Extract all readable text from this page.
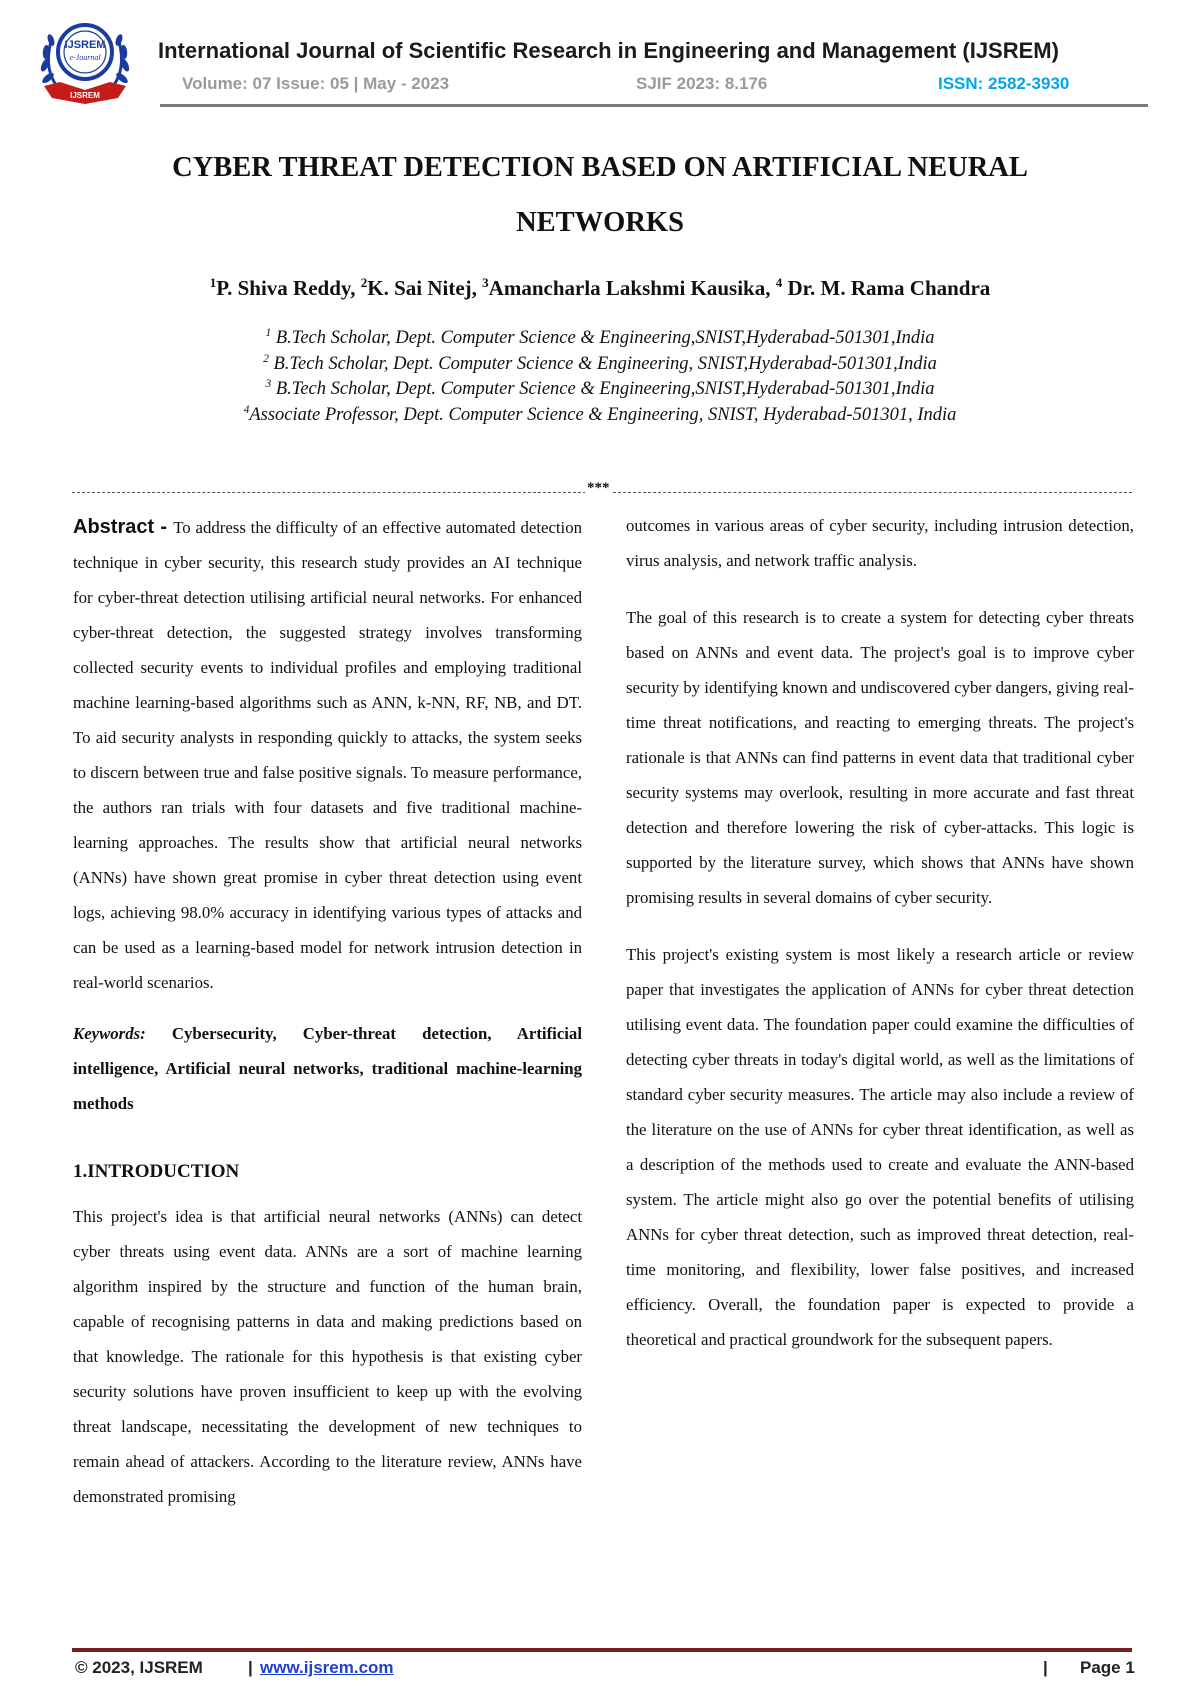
IJSREM
e-Journal
IJSREM
International Journal of Scientific Research in Engineering and Management (IJSREM)
Volume: 07 Issue: 05 | May - 2023	SJIF 2023: 8.176	ISSN: 2582-3930
CYBER THREAT DETECTION BASED ON ARTIFICIAL NEURAL
NETWORKS
$^1$P. Shiva Reddy, $^2$K. Sai Nitej, $^3$Amancharla Lakshmi Kausika, $^4$ Dr. M. Rama Chandra
$^1$ B.Tech Scholar, Dept. Computer Science & Engineering,SNIST,Hyderabad-501301,India
$^2$ B.Tech Scholar, Dept. Computer Science & Engineering, SNIST,Hyderabad-501301,India
$^3$ B.Tech Scholar, Dept. Computer Science & Engineering,SNIST,Hyderabad-501301,India
$^4$Associate Professor, Dept. Computer Science & Engineering, SNIST, Hyderabad-501301, India
***

Abstract - To address the difficulty of an effective automated detection technique in cyber security, this research study provides an AI technique for cyber-threat detection utilising artificial neural networks. For enhanced cyber-threat detection, the suggested strategy involves transforming collected security events to individual profiles and employing traditional machine learning-based algorithms such as ANN, k-NN, RF, NB, and DT. To aid security analysts in responding quickly to attacks, the system seeks to discern between true and false positive signals. To measure performance, the authors ran trials with four datasets and five traditional machine-learning approaches. The results show that artificial neural networks (ANNs) have shown great promise in cyber threat detection using event logs, achieving 98.0% accuracy in identifying various types of attacks and can be used as a learning-based model for network intrusion detection in real-world scenarios.

Keywords: Cybersecurity, Cyber-threat detection, Artificial intelligence, Artificial neural networks, traditional machine-learning methods

1.INTRODUCTION

This project's idea is that artificial neural networks (ANNs) can detect cyber threats using event data. ANNs are a sort of machine learning algorithm inspired by the structure and function of the human brain, capable of recognising patterns in data and making predictions based on that knowledge. The rationale for this hypothesis is that existing cyber security solutions have proven insufficient to keep up with the evolving threat landscape, necessitating the development of new techniques to remain ahead of attackers. According to the literature review, ANNs have demonstrated promising

outcomes in various areas of cyber security, including intrusion detection, virus analysis, and network traffic analysis.

The goal of this research is to create a system for detecting cyber threats based on ANNs and event data. The project's goal is to improve cyber security by identifying known and undiscovered cyber dangers, giving real-time threat notifications, and reacting to emerging threats. The project's rationale is that ANNs can find patterns in event data that traditional cyber security systems may overlook, resulting in more accurate and fast threat detection and therefore lowering the risk of cyber-attacks. This logic is supported by the literature survey, which shows that ANNs have shown promising results in several domains of cyber security.

This project's existing system is most likely a research article or review paper that investigates the application of ANNs for cyber threat detection utilising event data. The foundation paper could examine the difficulties of detecting cyber threats in today's digital world, as well as the limitations of standard cyber security measures. The article may also include a review of the literature on the use of ANNs for cyber threat identification, as well as a description of the methods used to create and evaluate the ANN-based system. The article might also go over the potential benefits of utilising ANNs for cyber threat detection, such as improved threat detection, real-time monitoring, and flexibility, lower false positives, and increased efficiency. Overall, the foundation paper is expected to provide a theoretical and practical groundwork for the subsequent papers.

© 2023, IJSREM	| www.ijsrem.com	| Page 1
